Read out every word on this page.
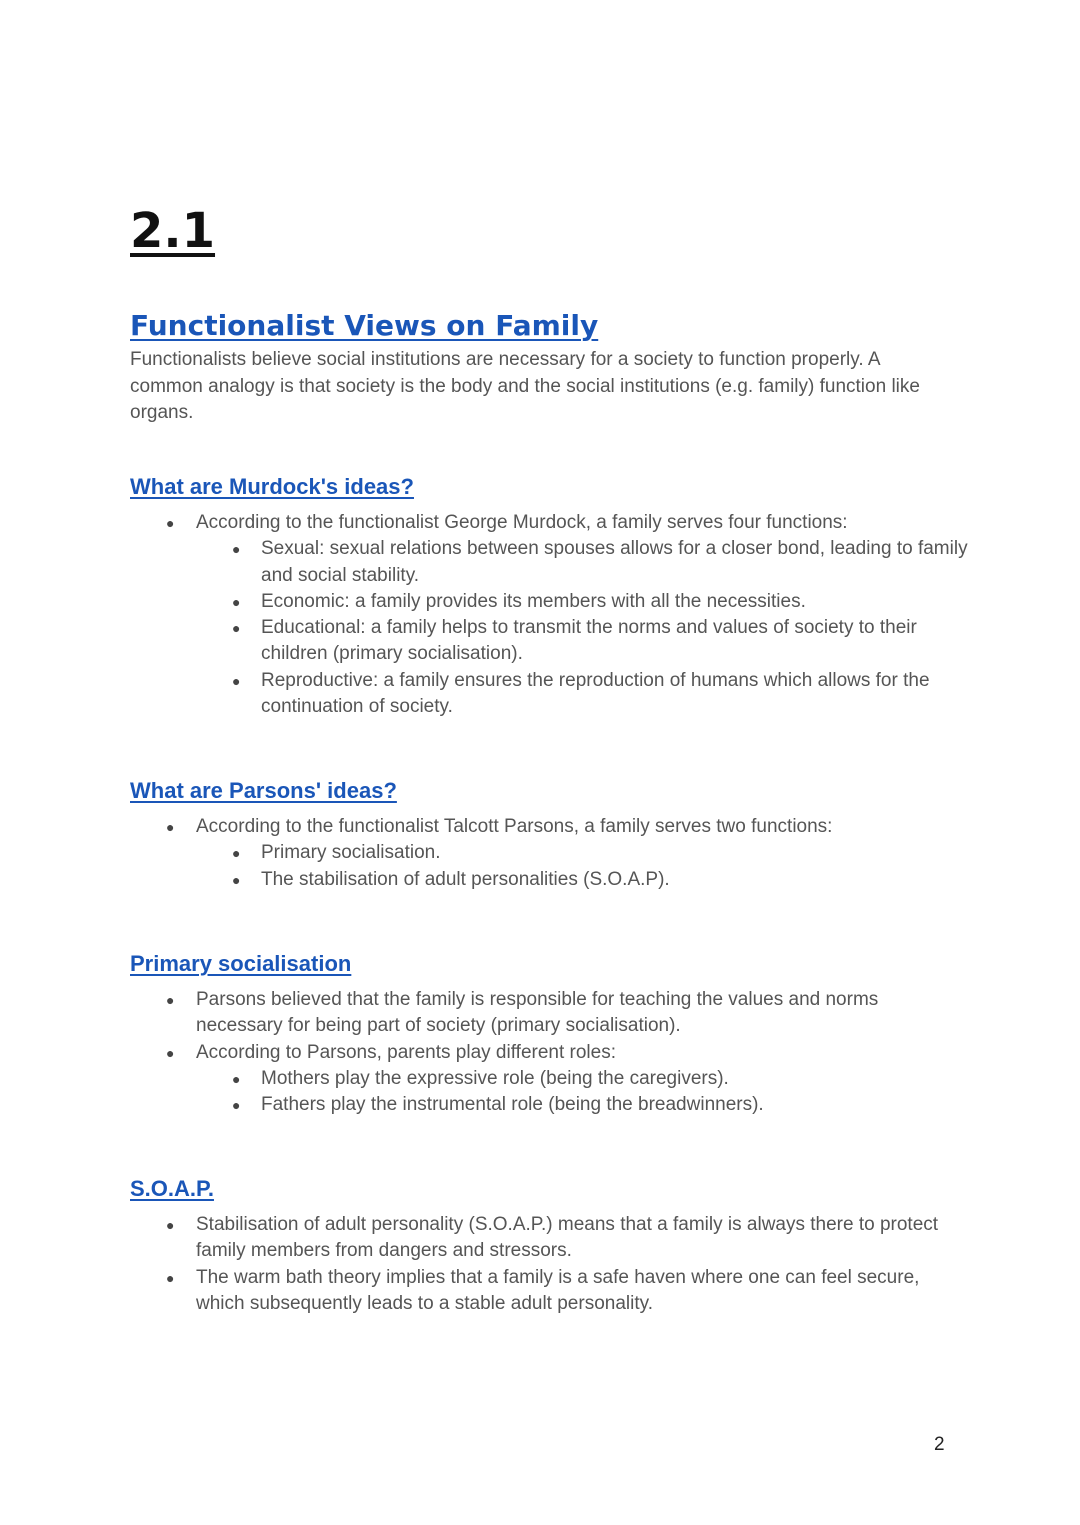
2.1
Functionalist Views on Family

Functionalists believe social institutions are necessary for a society to function properly. A common analogy is that society is the body and the social institutions (e.g. family) function like organs.

What are Murdock's ideas?
● According to the functionalist George Murdock, a family serves four functions:
● Sexual: sexual relations between spouses allows for a closer bond, leading to family and social stability.
● Economic: a family provides its members with all the necessities.
● Educational: a family helps to transmit the norms and values of society to their children (primary socialisation).
● Reproductive: a family ensures the reproduction of humans which allows for the continuation of society.
What are Parsons' ideas?
● According to the functionalist Talcott Parsons, a family serves two functions:
● Primary socialisation.
● The stabilisation of adult personalities (S.O.A.P).
Primary socialisation
● Parsons believed that the family is responsible for teaching the values and norms necessary for being part of society (primary socialisation).
● According to Parsons, parents play different roles:
● Mothers play the expressive role (being the caregivers).
● Fathers play the instrumental role (being the breadwinners).
S.O.A.P.
● Stabilisation of adult personality (S.O.A.P.) means that a family is always there to protect family members from dangers and stressors.
● The warm bath theory implies that a family is a safe haven where one can feel secure, which subsequently leads to a stable adult personality.

2
